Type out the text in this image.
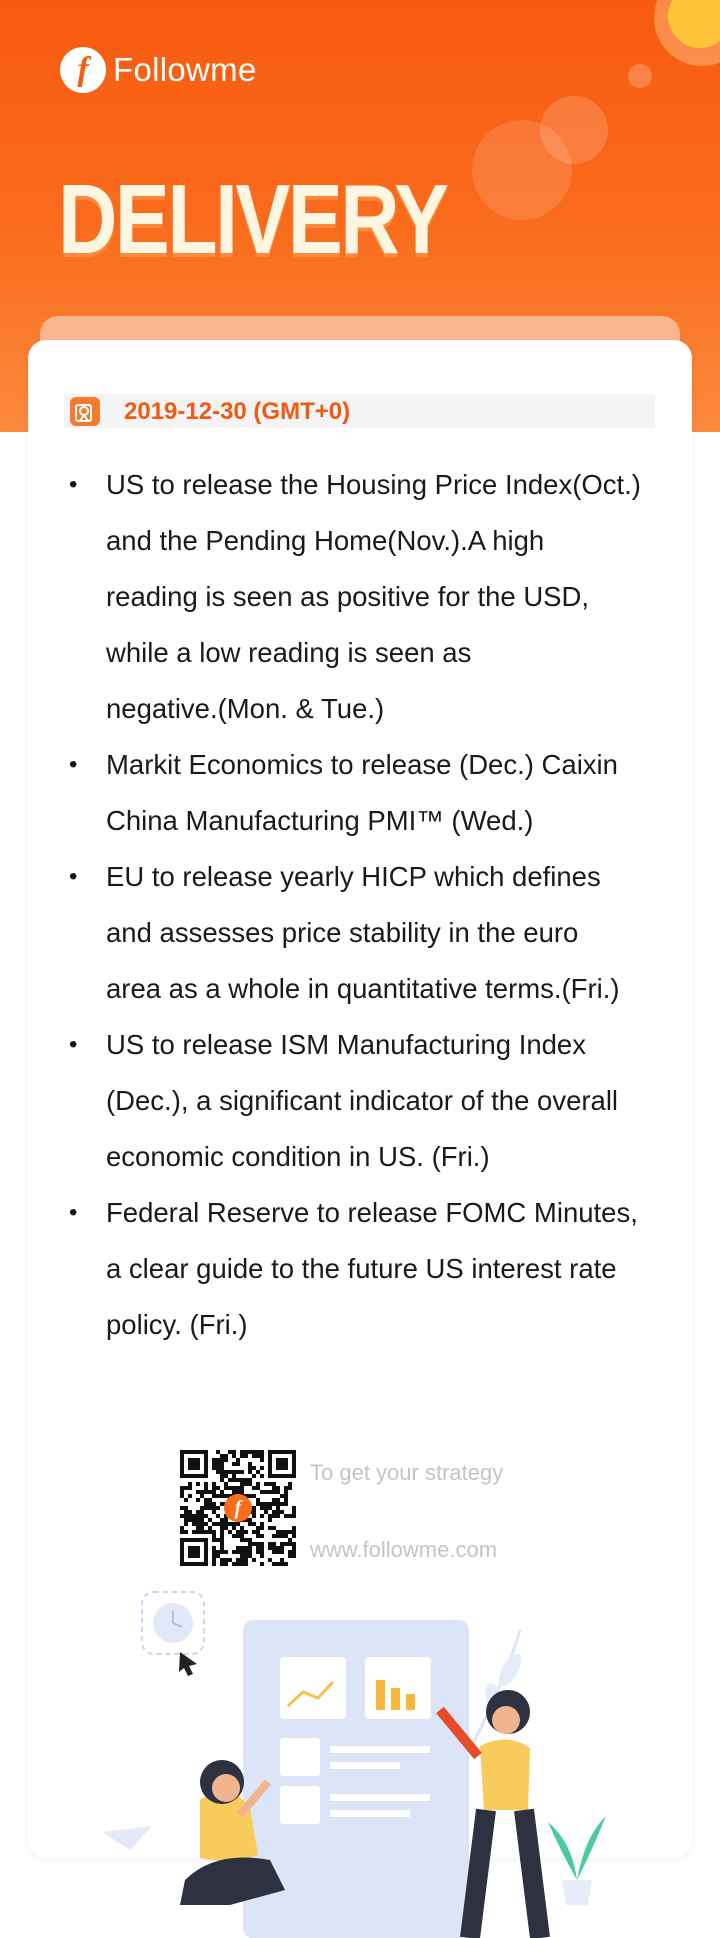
f Followme
DELIVERY
2019-12-30 (GMT+0)
• US to release the Housing Price Index(Oct.)
and the Pending Home(Nov.).A high
reading is seen as positive for the USD,
while a low reading is seen as
negative.(Mon. & Tue.)
• Markit Economics to release (Dec.) Caixin
China Manufacturing PMI™ (Wed.)
• EU to release yearly HICP which defines
and assesses price stability in the euro
area as a whole in quantitative terms.(Fri.)
• US to release ISM Manufacturing Index
(Dec.), a significant indicator of the overall
economic condition in US. (Fri.)
• Federal Reserve to release FOMC Minutes,
a clear guide to the future US interest rate
policy. (Fri.)
f
To get your strategy
www.followme.com
